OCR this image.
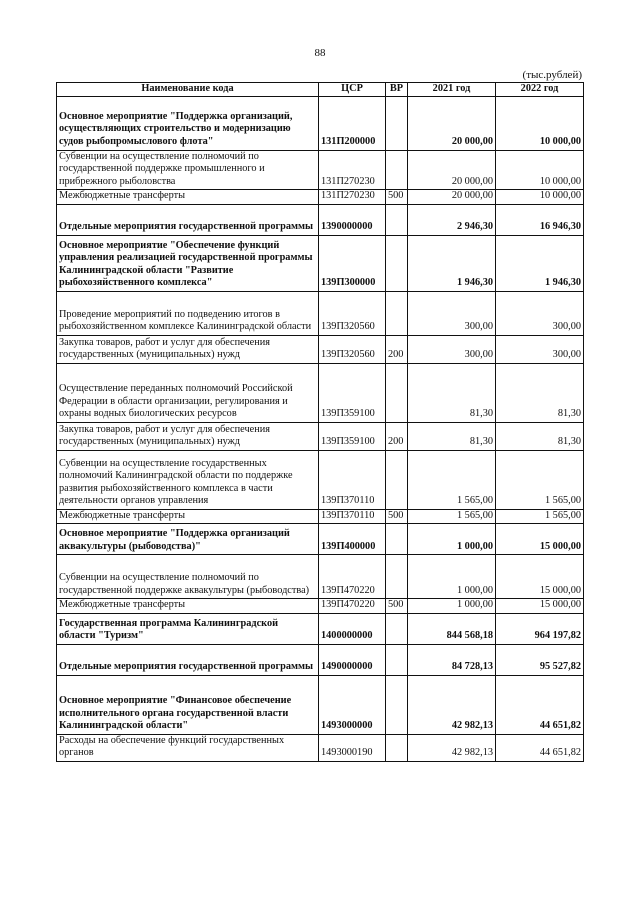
88
(тыс.рублей)
Наименование кода	ЦСР	ВР	2021 год	2022 год
Основное мероприятие "Поддержка организаций, осуществляющих строительство и модернизацию судов рыбопромыслового флота"	131П200000		20 000,00	10 000,00
Субвенции на осуществление полномочий по государственной поддержке промышленного и прибрежного рыболовства	131П270230		20 000,00	10 000,00
Межбюджетные трансферты	131П270230	500	20 000,00	10 000,00
Отдельные мероприятия государственной программы	1390000000		2 946,30	16 946,30
Основное мероприятие "Обеспечение функций управления реализацией государственной программы Калининградской области "Развитие рыбохозяйственного комплекса"	139П300000		1 946,30	1 946,30
Проведение мероприятий по подведению итогов в рыбохозяйственном комплексе Калининградской области	139П320560		300,00	300,00
Закупка товаров, работ и услуг для обеспечения государственных (муниципальных) нужд	139П320560	200	300,00	300,00
Осуществление переданных полномочий Российской Федерации в области организации, регулирования и охраны водных биологических ресурсов	139П359100		81,30	81,30
Закупка товаров, работ и услуг для обеспечения государственных (муниципальных) нужд	139П359100	200	81,30	81,30
Субвенции на осуществление государственных полномочий Калининградской области по поддержке развития рыбохозяйственного комплекса в части деятельности органов управления	139П370110		1 565,00	1 565,00
Межбюджетные трансферты	139П370110	500	1 565,00	1 565,00
Основное мероприятие "Поддержка организаций аквакультуры (рыбоводства)"	139П400000		1 000,00	15 000,00
Субвенции на осуществление полномочий по государственной поддержке аквакультуры (рыбоводства)	139П470220		1 000,00	15 000,00
Межбюджетные трансферты	139П470220	500	1 000,00	15 000,00
Государственная программа Калининградской области "Туризм"	1400000000		844 568,18	964 197,82
Отдельные мероприятия государственной программы	1490000000		84 728,13	95 527,82
Основное мероприятие "Финансовое обеспечение исполнительного органа государственной власти Калининградской области"	1493000000		42 982,13	44 651,82
Расходы на обеспечение функций государственных органов	1493000190		42 982,13	44 651,82
